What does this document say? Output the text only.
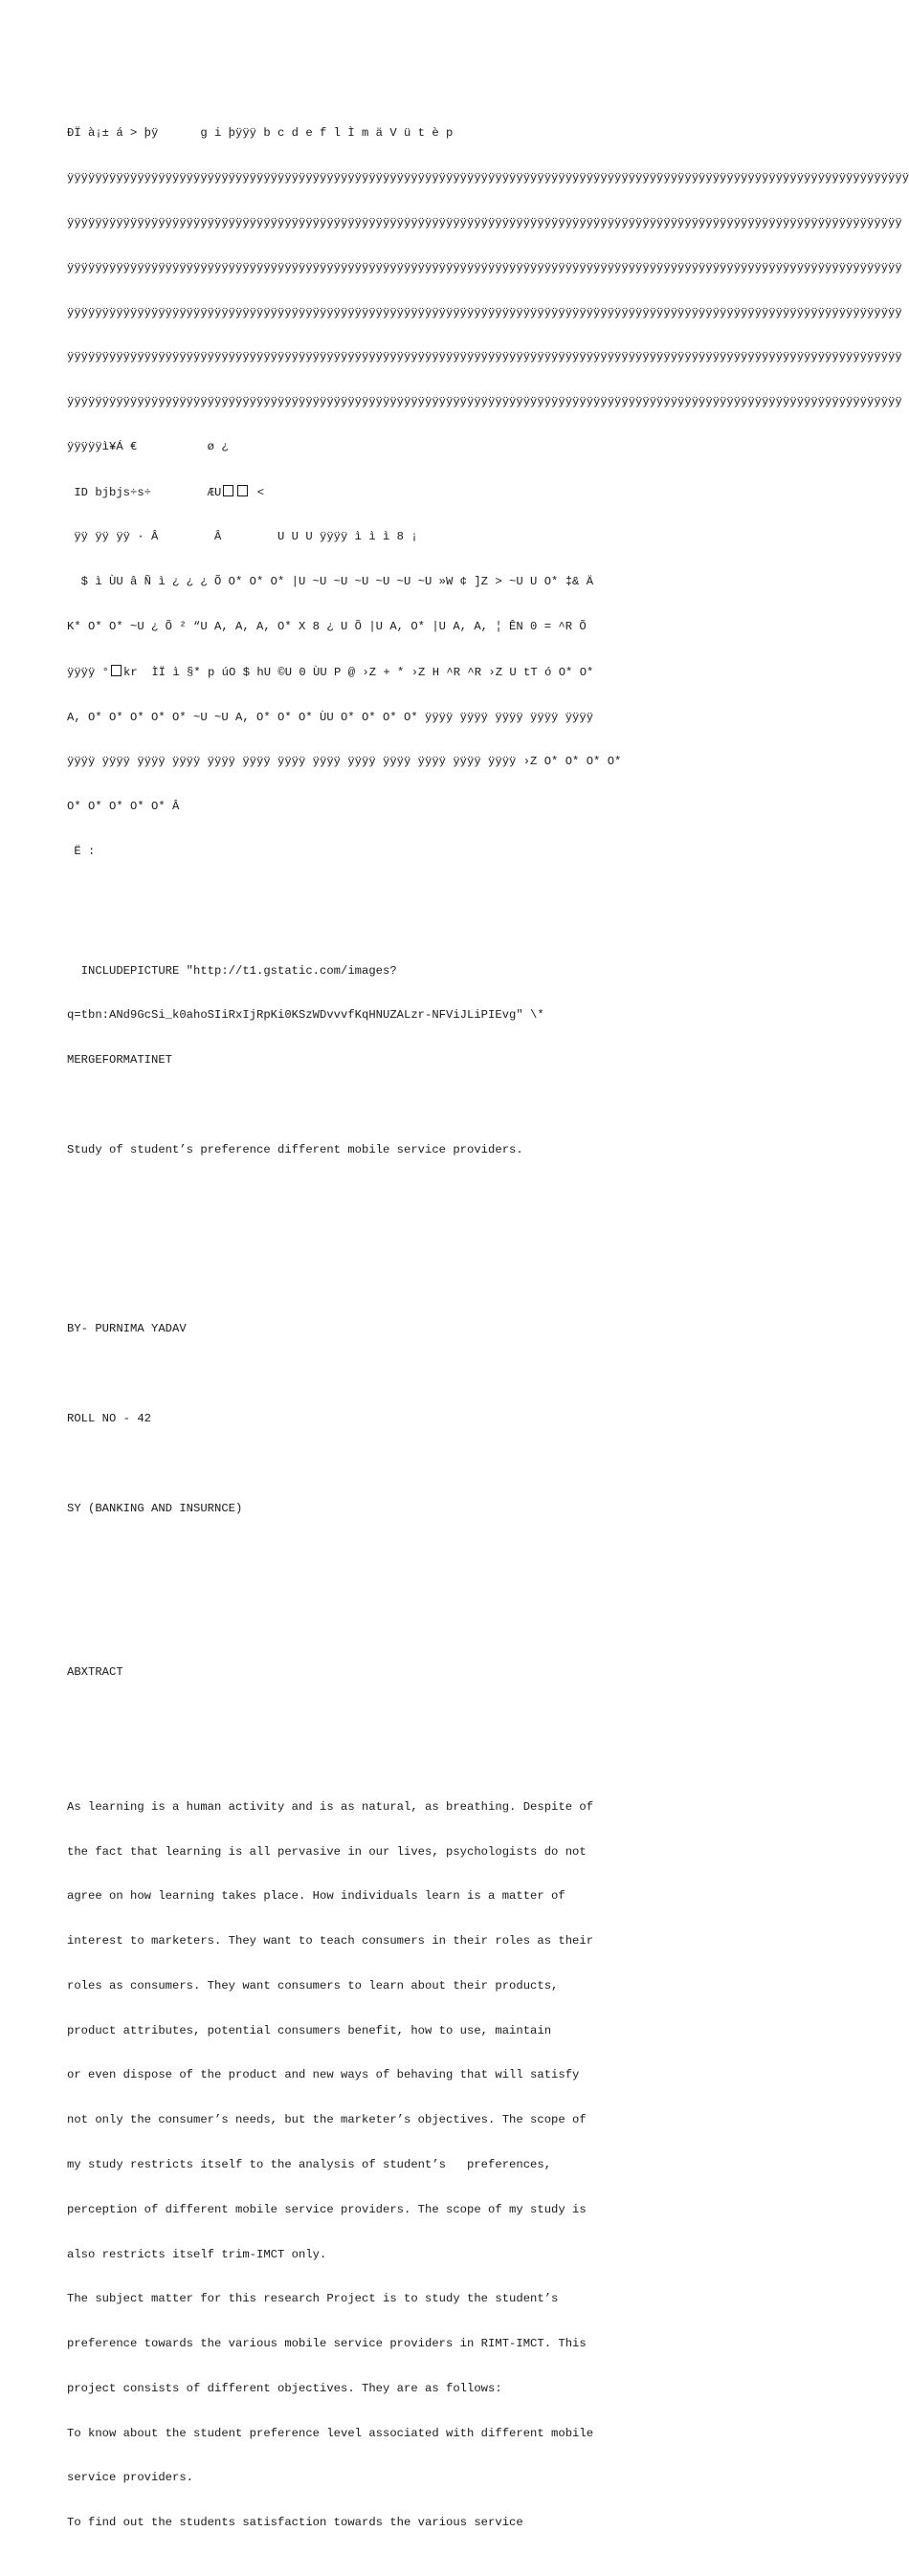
ÐÏ à¡± á > þÿ      g i þÿÿÿ b c d e f l Ì m ä V ü t è p

ÿÿÿÿÿÿÿÿÿÿÿÿÿÿÿÿÿÿÿÿÿÿÿÿÿÿÿÿÿÿÿÿÿÿÿÿÿÿÿÿÿÿÿÿÿÿÿÿÿÿÿÿÿÿÿÿÿÿÿÿÿÿÿÿÿÿÿÿÿÿÿÿÿÿÿÿÿÿÿÿÿÿÿÿÿÿÿÿÿÿÿÿÿÿÿÿÿÿÿÿÿÿÿÿÿÿÿÿÿÿÿÿÿÿÿÿÿÿÿÿ

ÿÿÿÿÿÿÿÿÿÿÿÿÿÿÿÿÿÿÿÿÿÿÿÿÿÿÿÿÿÿÿÿÿÿÿÿÿÿÿÿÿÿÿÿÿÿÿÿÿÿÿÿÿÿÿÿÿÿÿÿÿÿÿÿÿÿÿÿÿÿÿÿÿÿÿÿÿÿÿÿÿÿÿÿÿÿÿÿÿÿÿÿÿÿÿÿÿÿÿÿÿÿÿÿÿÿÿÿÿÿÿÿÿÿÿÿÿÿÿ

ÿÿÿÿÿÿÿÿÿÿÿÿÿÿÿÿÿÿÿÿÿÿÿÿÿÿÿÿÿÿÿÿÿÿÿÿÿÿÿÿÿÿÿÿÿÿÿÿÿÿÿÿÿÿÿÿÿÿÿÿÿÿÿÿÿÿÿÿÿÿÿÿÿÿÿÿÿÿÿÿÿÿÿÿÿÿÿÿÿÿÿÿÿÿÿÿÿÿÿÿÿÿÿÿÿÿÿÿÿÿÿÿÿÿÿÿÿÿÿ

ÿÿÿÿÿÿÿÿÿÿÿÿÿÿÿÿÿÿÿÿÿÿÿÿÿÿÿÿÿÿÿÿÿÿÿÿÿÿÿÿÿÿÿÿÿÿÿÿÿÿÿÿÿÿÿÿÿÿÿÿÿÿÿÿÿÿÿÿÿÿÿÿÿÿÿÿÿÿÿÿÿÿÿÿÿÿÿÿÿÿÿÿÿÿÿÿÿÿÿÿÿÿÿÿÿÿÿÿÿÿÿÿÿÿÿÿÿÿÿ

ÿÿÿÿÿÿÿÿÿÿÿÿÿÿÿÿÿÿÿÿÿÿÿÿÿÿÿÿÿÿÿÿÿÿÿÿÿÿÿÿÿÿÿÿÿÿÿÿÿÿÿÿÿÿÿÿÿÿÿÿÿÿÿÿÿÿÿÿÿÿÿÿÿÿÿÿÿÿÿÿÿÿÿÿÿÿÿÿÿÿÿÿÿÿÿÿÿÿÿÿÿÿÿÿÿÿÿÿÿÿÿÿÿÿÿÿÿÿÿ

ÿÿÿÿÿÿÿÿÿÿÿÿÿÿÿÿÿÿÿÿÿÿÿÿÿÿÿÿÿÿÿÿÿÿÿÿÿÿÿÿÿÿÿÿÿÿÿÿÿÿÿÿÿÿÿÿÿÿÿÿÿÿÿÿÿÿÿÿÿÿÿÿÿÿÿÿÿÿÿÿÿÿÿÿÿÿÿÿÿÿÿÿÿÿÿÿÿÿÿÿÿÿÿÿÿÿÿÿÿÿÿÿÿÿÿÿÿÿÿ

ÿÿÿÿÿì¥Á €          ø ¿

ID bjbjs÷s÷        ÆU	<

ÿÿ ÿÿ ÿÿ · Â        Â        U U U ÿÿÿÿ ì ì ì 8 ¡

$ ì ÙU â Ñ ì ¿ ¿ ¿ Õ O* O* O* |U ~U ~U ~U ~U ~U ~U »W ¢ ]Z > ~U U O* ‡& Ä

K* O* O* ~U ¿ Õ ² “U A, A, A, O* X 8 ¿ U Õ |U A, O* |U A, A, ¦ ÊN 0 = ^R Õ

ÿÿÿÿ ° kr  ÌÏ ì §* p úO $ hU ©U 0 ÙU P @ ›Z + * ›Z H ^R ^R ›Z U tT ó O* O*

A, O* O* O* O* O* ~U ~U A, O* O* O* ÙU O* O* O* O* ÿÿÿÿ ÿÿÿÿ ÿÿÿÿ ÿÿÿÿ ÿÿÿÿ

ÿÿÿÿ ÿÿÿÿ ÿÿÿÿ ÿÿÿÿ ÿÿÿÿ ÿÿÿÿ ÿÿÿÿ ÿÿÿÿ ÿÿÿÿ ÿÿÿÿ ÿÿÿÿ ÿÿÿÿ ÿÿÿÿ ›Z O* O* O* O*

O* O* O* O* O* Â

Ë :

INCLUDEPICTURE "http://t1.gstatic.com/images?

q=tbn:ANd9GcSi_k0ahoSIiRxIjRpKi0KSzWDvvvfKqHNUZALzr-NFViJLiPIEvg" \*

MERGEFORMATINET

Study of student’s preference different mobile service providers.

BY- PURNIMA YADAV

ROLL NO - 42

SY (BANKING AND INSURNCE)

ABXTRACT

As learning is a human activity and is as natural, as breathing. Despite of

the fact that learning is all pervasive in our lives, psychologists do not

agree on how learning takes place. How individuals learn is a matter of

interest to marketers. They want to teach consumers in their roles as their

roles as consumers. They want consumers to learn about their products,

product attributes, potential consumers benefit, how to use, maintain

or even dispose of the product and new ways of behaving that will satisfy

not only the consumer’s needs, but the marketer’s objectives. The scope of

my study restricts itself to the analysis of student’s   preferences,

perception of different mobile service providers. The scope of my study is

also restricts itself trim-IMCT only.

The subject matter for this research Project is to study the student’s

preference towards the various mobile service providers in RIMT-IMCT. This

project consists of different objectives. They are as follows:

To know about the student preference level associated with different mobile

service providers.

To find out the students satisfaction towards the various service
